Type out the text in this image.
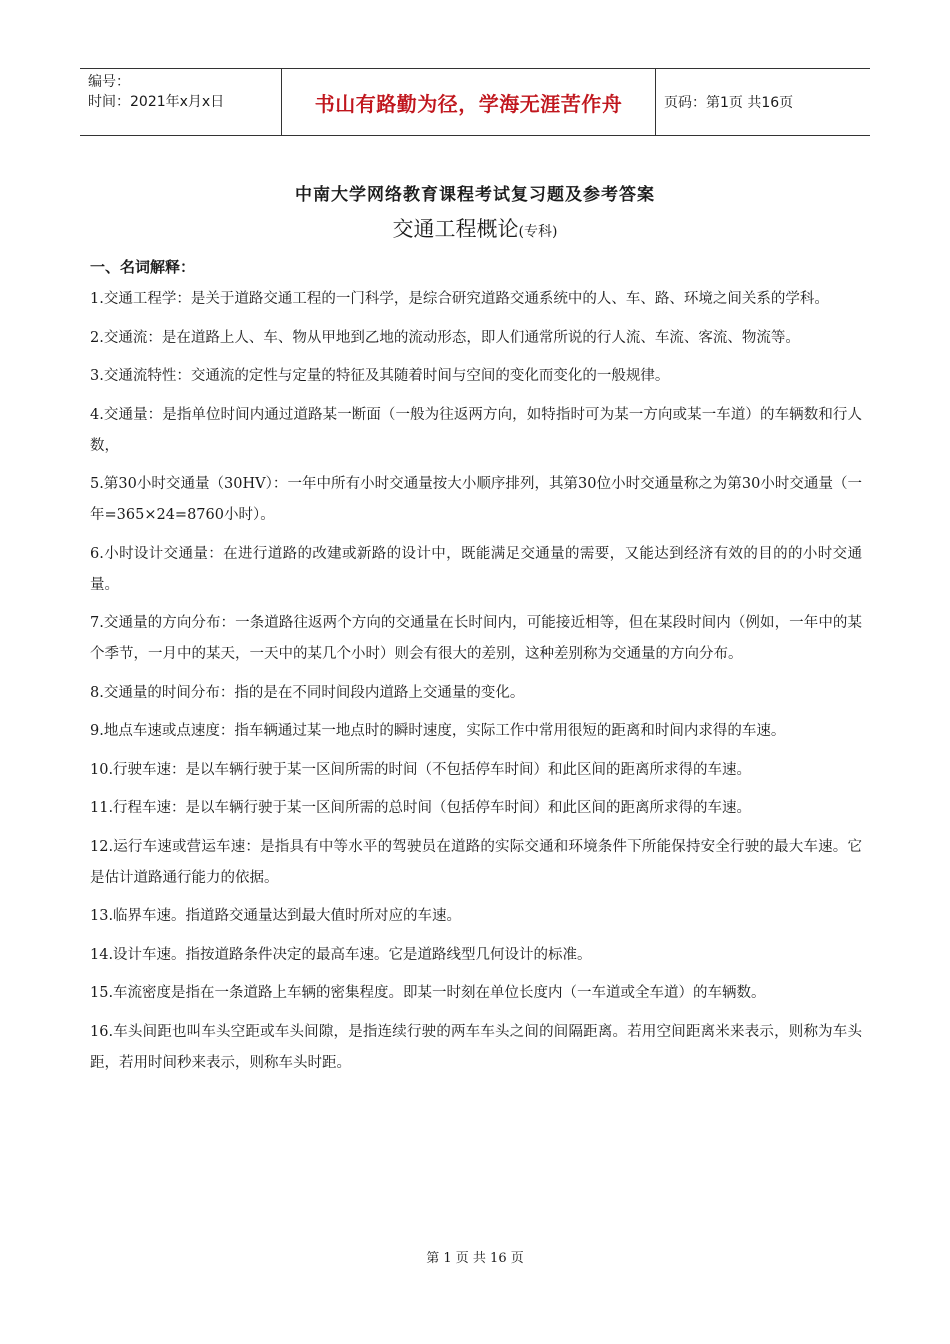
编号：
时间：2021年x月x日	书山有路勤为径，学海无涯苦作舟	页码：第1页 共16页
中南大学网络教育课程考试复习题及参考答案
交通工程概论(专科)
一、名词解释：

1.交通工程学：是关于道路交通工程的一门科学，是综合研究道路交通系统中的人、车、路、环境之间关系的学科。

2.交通流：是在道路上人、车、物从甲地到乙地的流动形态，即人们通常所说的行人流、车流、客流、物流等。

3.交通流特性：交通流的定性与定量的特征及其随着时间与空间的变化而变化的一般规律。

4.交通量：是指单位时间内通过道路某一断面（一般为往返两方向，如特指时可为某一方向或某一车道）的车辆数和行人数，

5.第30小时交通量（30HV）：一年中所有小时交通量按大小顺序排列，其第30位小时交通量称之为第30小时交通量（一年=365×24=8760小时）。

6.小时设计交通量：在进行道路的改建或新路的设计中，既能满足交通量的需要，又能达到经济有效的目的的小时交通量。

7.交通量的方向分布：一条道路往返两个方向的交通量在长时间内，可能接近相等，但在某段时间内（例如，一年中的某个季节，一月中的某天，一天中的某几个小时）则会有很大的差别，这种差别称为交通量的方向分布。

8.交通量的时间分布：指的是在不同时间段内道路上交通量的变化。

9.地点车速或点速度：指车辆通过某一地点时的瞬时速度，实际工作中常用很短的距离和时间内求得的车速。

10.行驶车速：是以车辆行驶于某一区间所需的时间（不包括停车时间）和此区间的距离所求得的车速。

11.行程车速：是以车辆行驶于某一区间所需的总时间（包括停车时间）和此区间的距离所求得的车速。

12.运行车速或营运车速：是指具有中等水平的驾驶员在道路的实际交通和环境条件下所能保持安全行驶的最大车速。它是估计道路通行能力的依据。

13.临界车速。指道路交通量达到最大值时所对应的车速。

14.设计车速。指按道路条件决定的最高车速。它是道路线型几何设计的标准。

15.车流密度是指在一条道路上车辆的密集程度。即某一时刻在单位长度内（一车道或全车道）的车辆数。

16.车头间距也叫车头空距或车头间隙，是指连续行驶的两车车头之间的间隔距离。若用空间距离米来表示，则称为车头距，若用时间秒来表示，则称车头时距。

第 1 页 共 16 页
